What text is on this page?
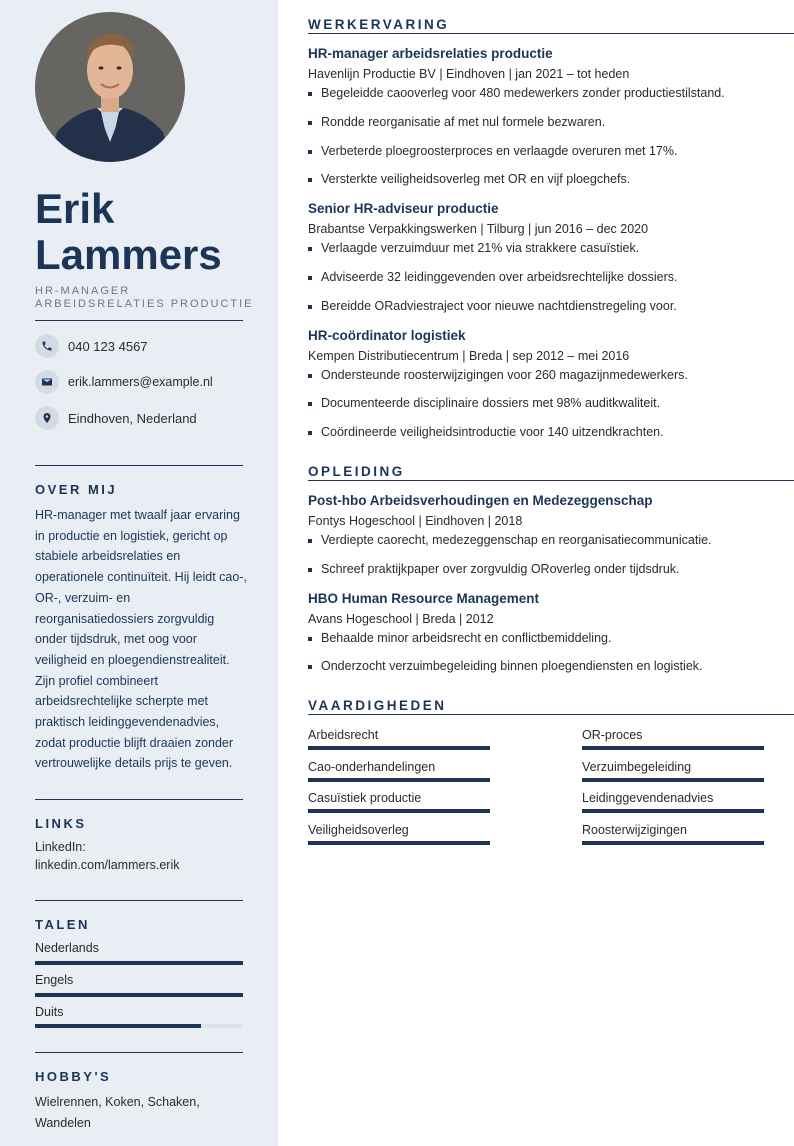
Erik
Lammers
HR-MANAGER
ARBEIDSRELATIES PRODUCTIE
040 123 4567
erik.lammers@example.nl
Eindhoven, Nederland
OVER MIJ
HR-manager met twaalf jaar ervaring in productie en logistiek, gericht op stabiele arbeidsrelaties en operationele continuïteit. Hij leidt cao-, OR-, verzuim- en reorganisatiedossiers zorgvuldig onder tijdsdruk, met oog voor veiligheid en ploegendienstrealiteit. Zijn profiel combineert arbeidsrechtelijke scherpte met praktisch leidinggevendenadvies, zodat productie blijft draaien zonder vertrouwelijke details prijs te geven.
LINKS
LinkedIn:
linkedin.com/lammers.erik
TALEN
Nederlands
Engels
Duits
HOBBY'S
Wielrennen, Koken, Schaken,
Wandelen
WERKERVARING
HR-manager arbeidsrelaties productie
Havenlijn Productie BV | Eindhoven | jan 2021 – tot heden
Begeleidde caooverleg voor 480 medewerkers zonder productiestilstand.
Rondde reorganisatie af met nul formele bezwaren.
Verbeterde ploegroosterproces en verlaagde overuren met 17%.
Versterkte veiligheidsoverleg met OR en vijf ploegchefs.
Senior HR-adviseur productie
Brabantse Verpakkingswerken | Tilburg | jun 2016 – dec 2020
Verlaagde verzuimduur met 21% via strakkere casuïstiek.
Adviseerde 32 leidinggevenden over arbeidsrechtelijke dossiers.
Bereidde ORadviestraject voor nieuwe nachtdienstregeling voor.
HR-coördinator logistiek
Kempen Distributiecentrum | Breda | sep 2012 – mei 2016
Ondersteunde roosterwijzigingen voor 260 magazijnmedewerkers.
Documenteerde disciplinaire dossiers met 98% auditkwaliteit.
Coördineerde veiligheidsintroductie voor 140 uitzendkrachten.
OPLEIDING
Post-hbo Arbeidsverhoudingen en Medezeggenschap
Fontys Hogeschool | Eindhoven | 2018
Verdiepte caorecht, medezeggenschap en reorganisatiecommunicatie.
Schreef praktijkpaper over zorgvuldig ORoverleg onder tijdsdruk.
HBO Human Resource Management
Avans Hogeschool | Breda | 2012
Behaalde minor arbeidsrecht en conflictbemiddeling.
Onderzocht verzuimbegeleiding binnen ploegendiensten en logistiek.
VAARDIGHEDEN
Arbeidsrecht	OR-proces
Cao-onderhandelingen	Verzuimbegeleiding
Casuïstiek productie	Leidinggevendenadvies
Veiligheidsoverleg	Roosterwijzigingen
